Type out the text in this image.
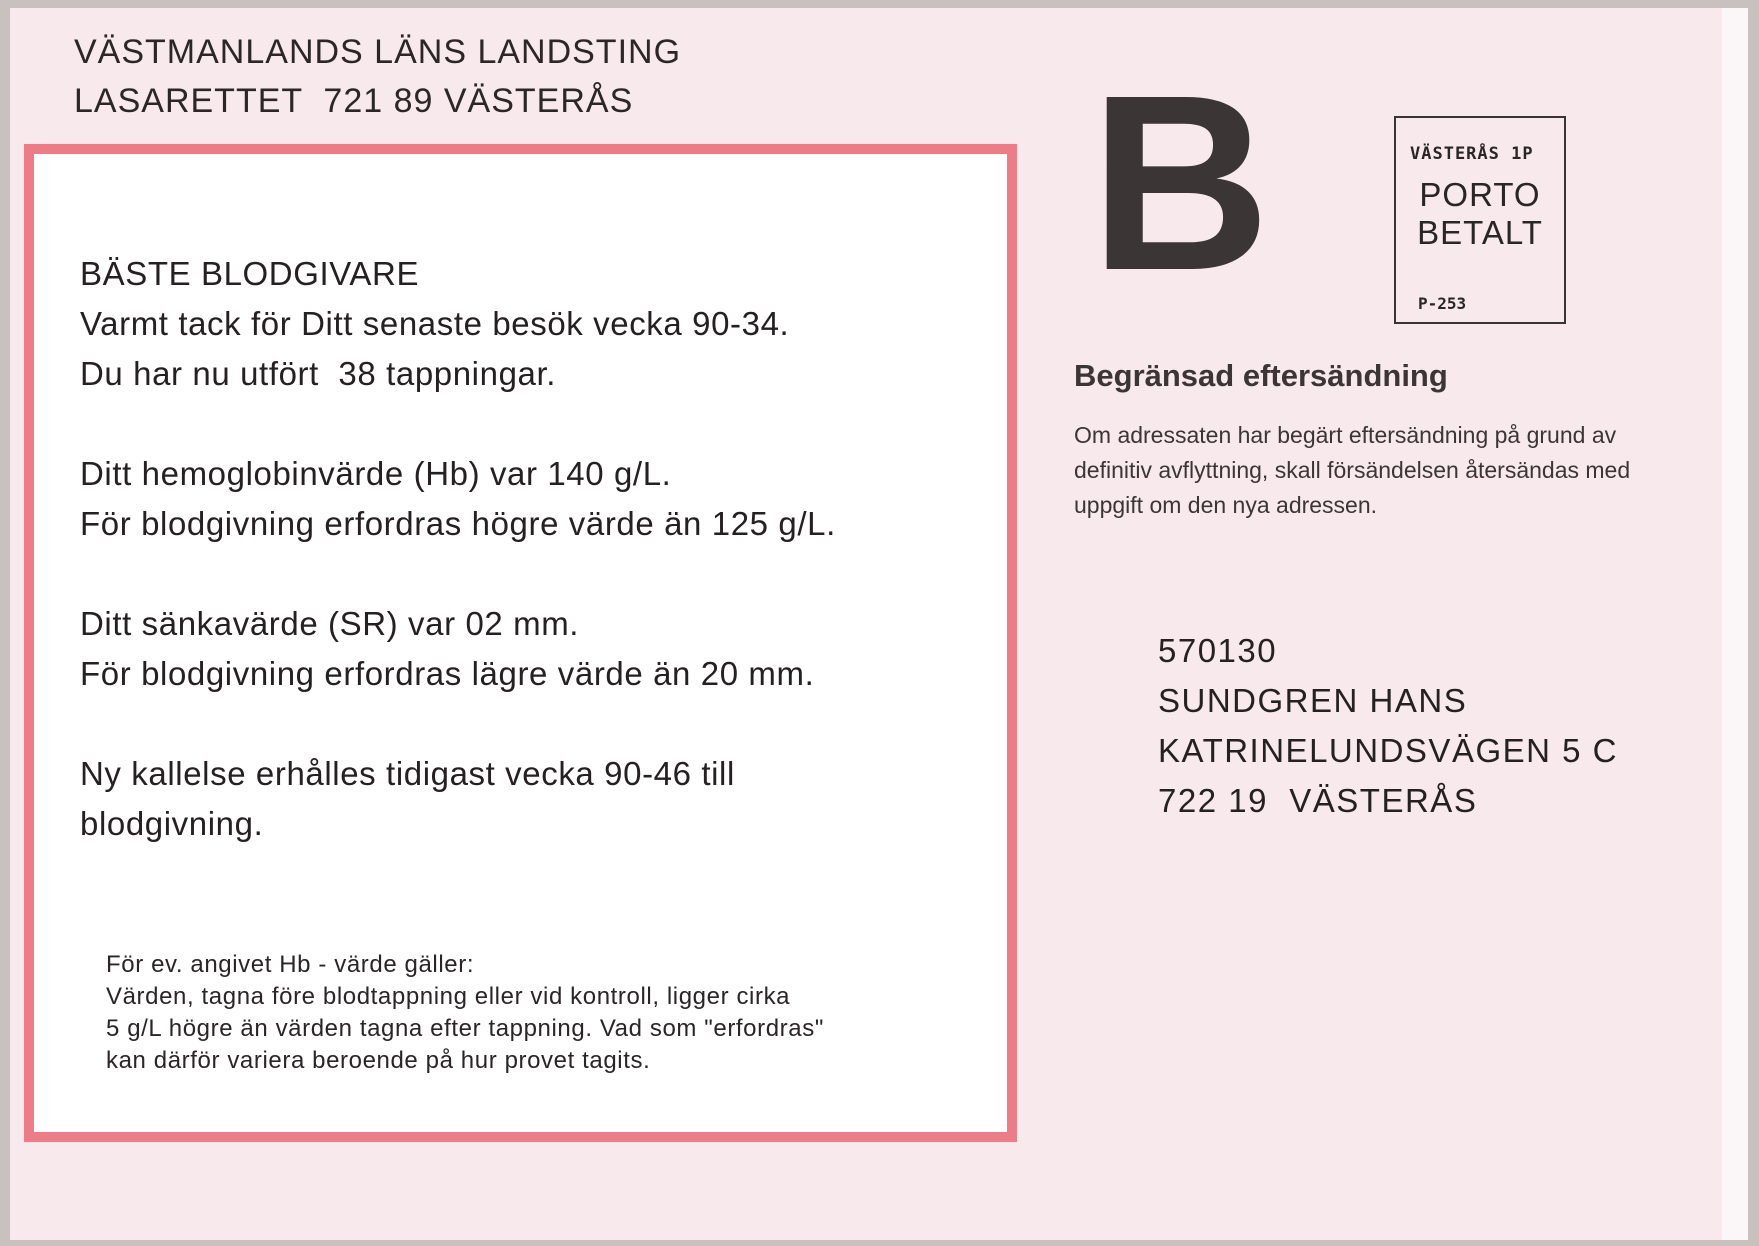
VÄSTMANLANDS LÄNS LANDSTING
LASARETTET  721 89 VÄSTERÅS

BÄSTE BLODGIVARE
Varmt tack för Ditt senaste besök vecka 90-34.
Du har nu utfört  38 tappningar.

Ditt hemoglobinvärde (Hb) var 140 g/L.
För blodgivning erfordras högre värde än 125 g/L.

Ditt sänkavärde (SR) var 02 mm.
För blodgivning erfordras lägre värde än 20 mm.

Ny kallelse erhålles tidigast vecka 90-46 till
blodgivning.

För ev. angivet Hb - värde gäller:
Värden, tagna före blodtappning eller vid kontroll, ligger cirka
5 g/L högre än värden tagna efter tappning. Vad som "erfordras"
kan därför variera beroende på hur provet tagits.
B	VÄSTERÅS 1P
PORTO
BETALT
P-253
Begränsad eftersändning
Om adressaten har begärt eftersändning på grund av
definitiv avflyttning, skall försändelsen återsändas med
uppgift om den nya adressen.
570130
SUNDGREN HANS
KATRINELUNDSVÄGEN 5 C
722 19  VÄSTERÅS
